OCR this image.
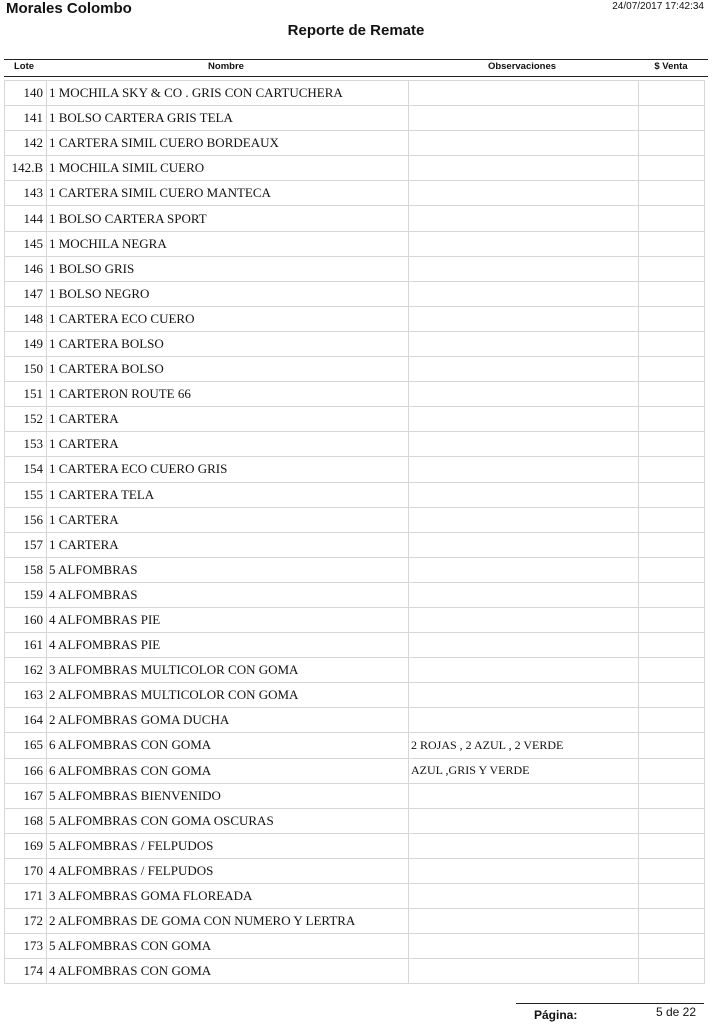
Morales Colombo	24/07/2017 17:42:34
Reporte de Remate
Lote	Nombre	Observaciones	$ Venta
140	1 MOCHILA SKY & CO . GRIS CON CARTUCHERA		
141	1 BOLSO CARTERA GRIS TELA		
142	1 CARTERA SIMIL CUERO BORDEAUX		
142.B	1 MOCHILA SIMIL CUERO		
143	1 CARTERA SIMIL CUERO MANTECA		
144	1 BOLSO CARTERA SPORT		
145	1 MOCHILA NEGRA		
146	1 BOLSO GRIS		
147	1 BOLSO NEGRO		
148	1 CARTERA ECO CUERO		
149	1 CARTERA BOLSO		
150	1 CARTERA BOLSO		
151	1 CARTERON ROUTE 66		
152	1 CARTERA		
153	1 CARTERA		
154	1 CARTERA ECO CUERO GRIS		
155	1 CARTERA TELA		
156	1 CARTERA		
157	1 CARTERA		
158	5 ALFOMBRAS		
159	4 ALFOMBRAS		
160	4 ALFOMBRAS PIE		
161	4 ALFOMBRAS PIE		
162	3 ALFOMBRAS MULTICOLOR CON GOMA		
163	2 ALFOMBRAS MULTICOLOR CON GOMA		
164	2 ALFOMBRAS GOMA DUCHA		
165	6 ALFOMBRAS CON GOMA	2 ROJAS , 2 AZUL , 2 VERDE	
166	6 ALFOMBRAS CON GOMA	AZUL ,GRIS Y VERDE	
167	5 ALFOMBRAS BIENVENIDO		
168	5 ALFOMBRAS CON GOMA OSCURAS		
169	5 ALFOMBRAS / FELPUDOS		
170	4 ALFOMBRAS / FELPUDOS		
171	3 ALFOMBRAS GOMA FLOREADA		
172	2 ALFOMBRAS DE GOMA CON NUMERO Y LERTRA		
173	5 ALFOMBRAS CON GOMA		
174	4 ALFOMBRAS CON GOMA		
Página:	5 de 22
